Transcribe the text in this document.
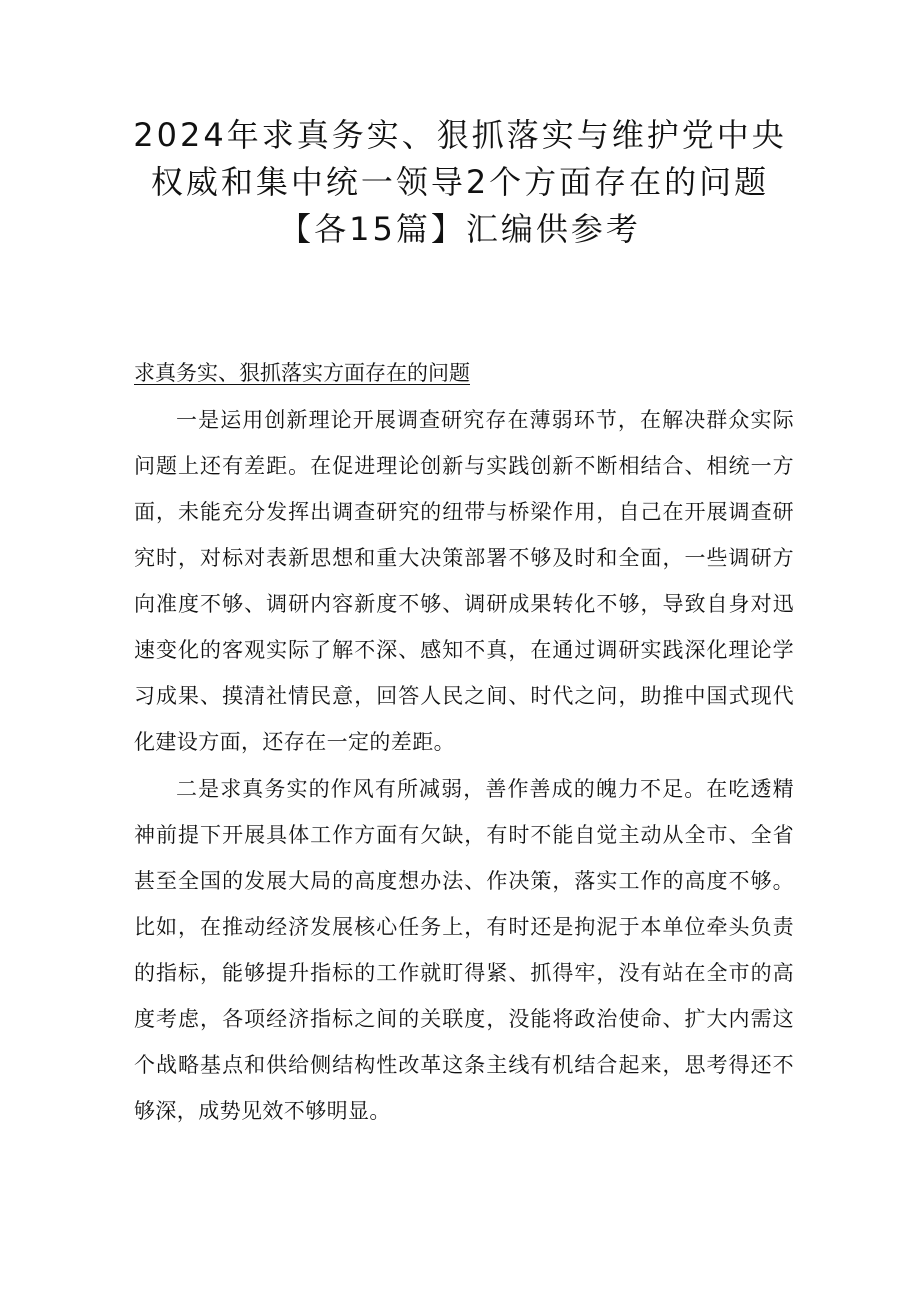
2024年求真务实、狠抓落实与维护党中央权威和集中统一领导2个方面存在的问题【各15篇】汇编供参考
求真务实、狠抓落实方面存在的问题

一是运用创新理论开展调查研究存在薄弱环节，在解决群众实际问题上还有差距。在促进理论创新与实践创新不断相结合、相统一方面，未能充分发挥出调查研究的纽带与桥梁作用，自己在开展调查研究时，对标对表新思想和重大决策部署不够及时和全面，一些调研方向准度不够、调研内容新度不够、调研成果转化不够，导致自身对迅速变化的客观实际了解不深、感知不真，在通过调研实践深化理论学习成果、摸清社情民意，回答人民之间、时代之问，助推中国式现代化建设方面，还存在一定的差距。

二是求真务实的作风有所减弱，善作善成的魄力不足。在吃透精神前提下开展具体工作方面有欠缺，有时不能自觉主动从全市、全省甚至全国的发展大局的高度想办法、作决策，落实工作的高度不够。比如，在推动经济发展核心任务上，有时还是拘泥于本单位牵头负责的指标，能够提升指标的工作就盯得紧、抓得牢，没有站在全市的高度考虑，各项经济指标之间的关联度，没能将政治使命、扩大内需这个战略基点和供给侧结构性改革这条主线有机结合起来，思考得还不够深，成势见效不够明显。
